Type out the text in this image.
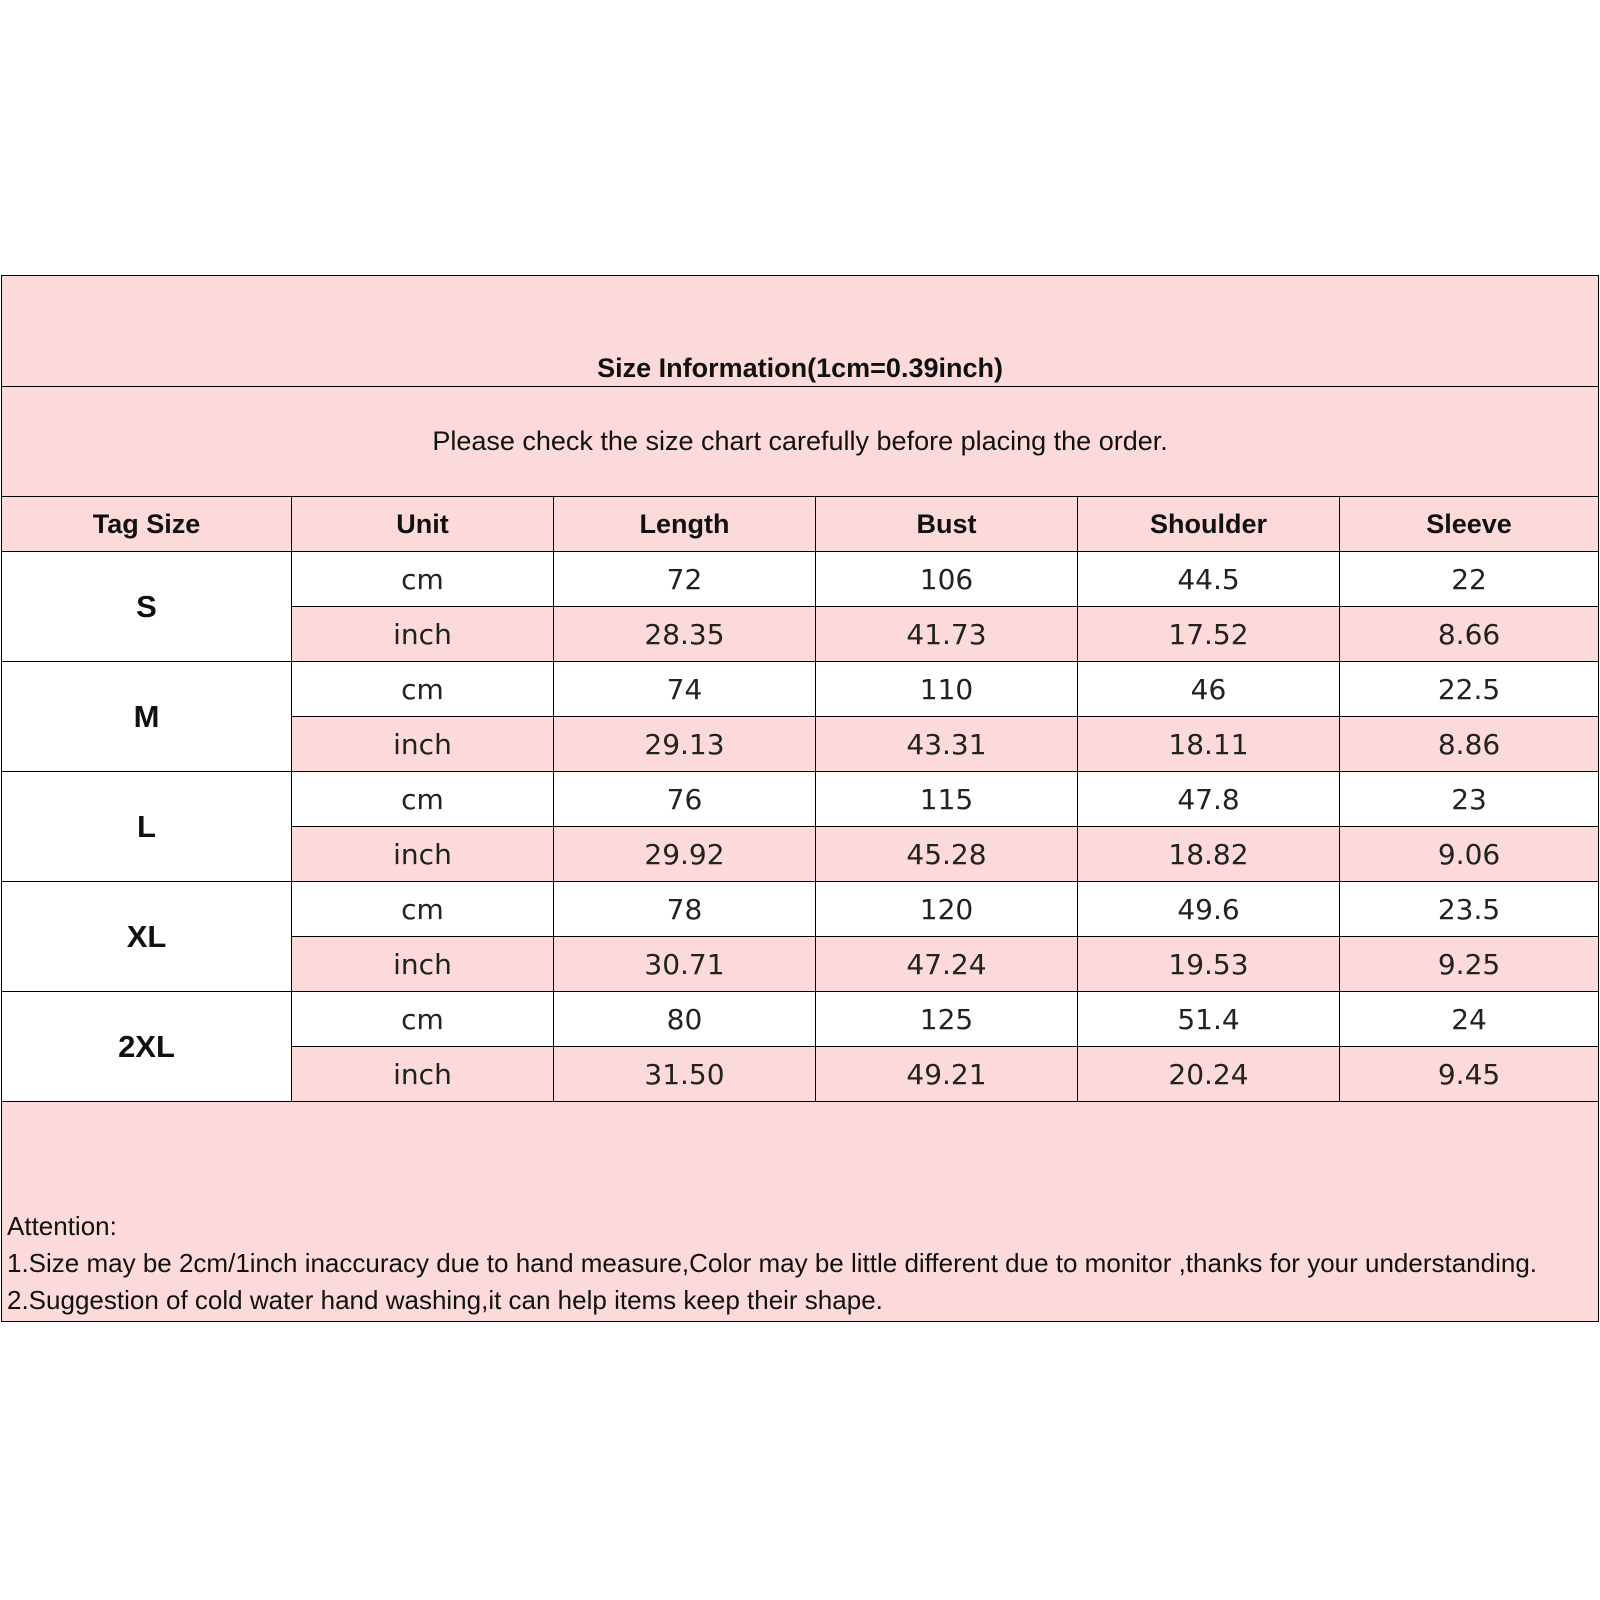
Size Information(1cm=0.39inch)					
Please check the size chart carefully before placing the order.					
Tag Size	Unit	Length	Bust	Shoulder	Sleeve
S	cm	72	106	44.5	22
	inch	28.35	41.73	17.52	8.66
M	cm	74	110	46	22.5
	inch	29.13	43.31	18.11	8.86
L	cm	76	115	47.8	23
	inch	29.92	45.28	18.82	9.06
XL	cm	78	120	49.6	23.5
	inch	30.71	47.24	19.53	9.25
2XL	cm	80	125	51.4	24
	inch	31.50	49.21	20.24	9.45

Attention:
1.Size may be 2cm/1inch inaccuracy due to hand measure,Color may be little different due to monitor ,thanks for your understanding.
2.Suggestion of cold water hand washing,it can help items keep their shape.					
